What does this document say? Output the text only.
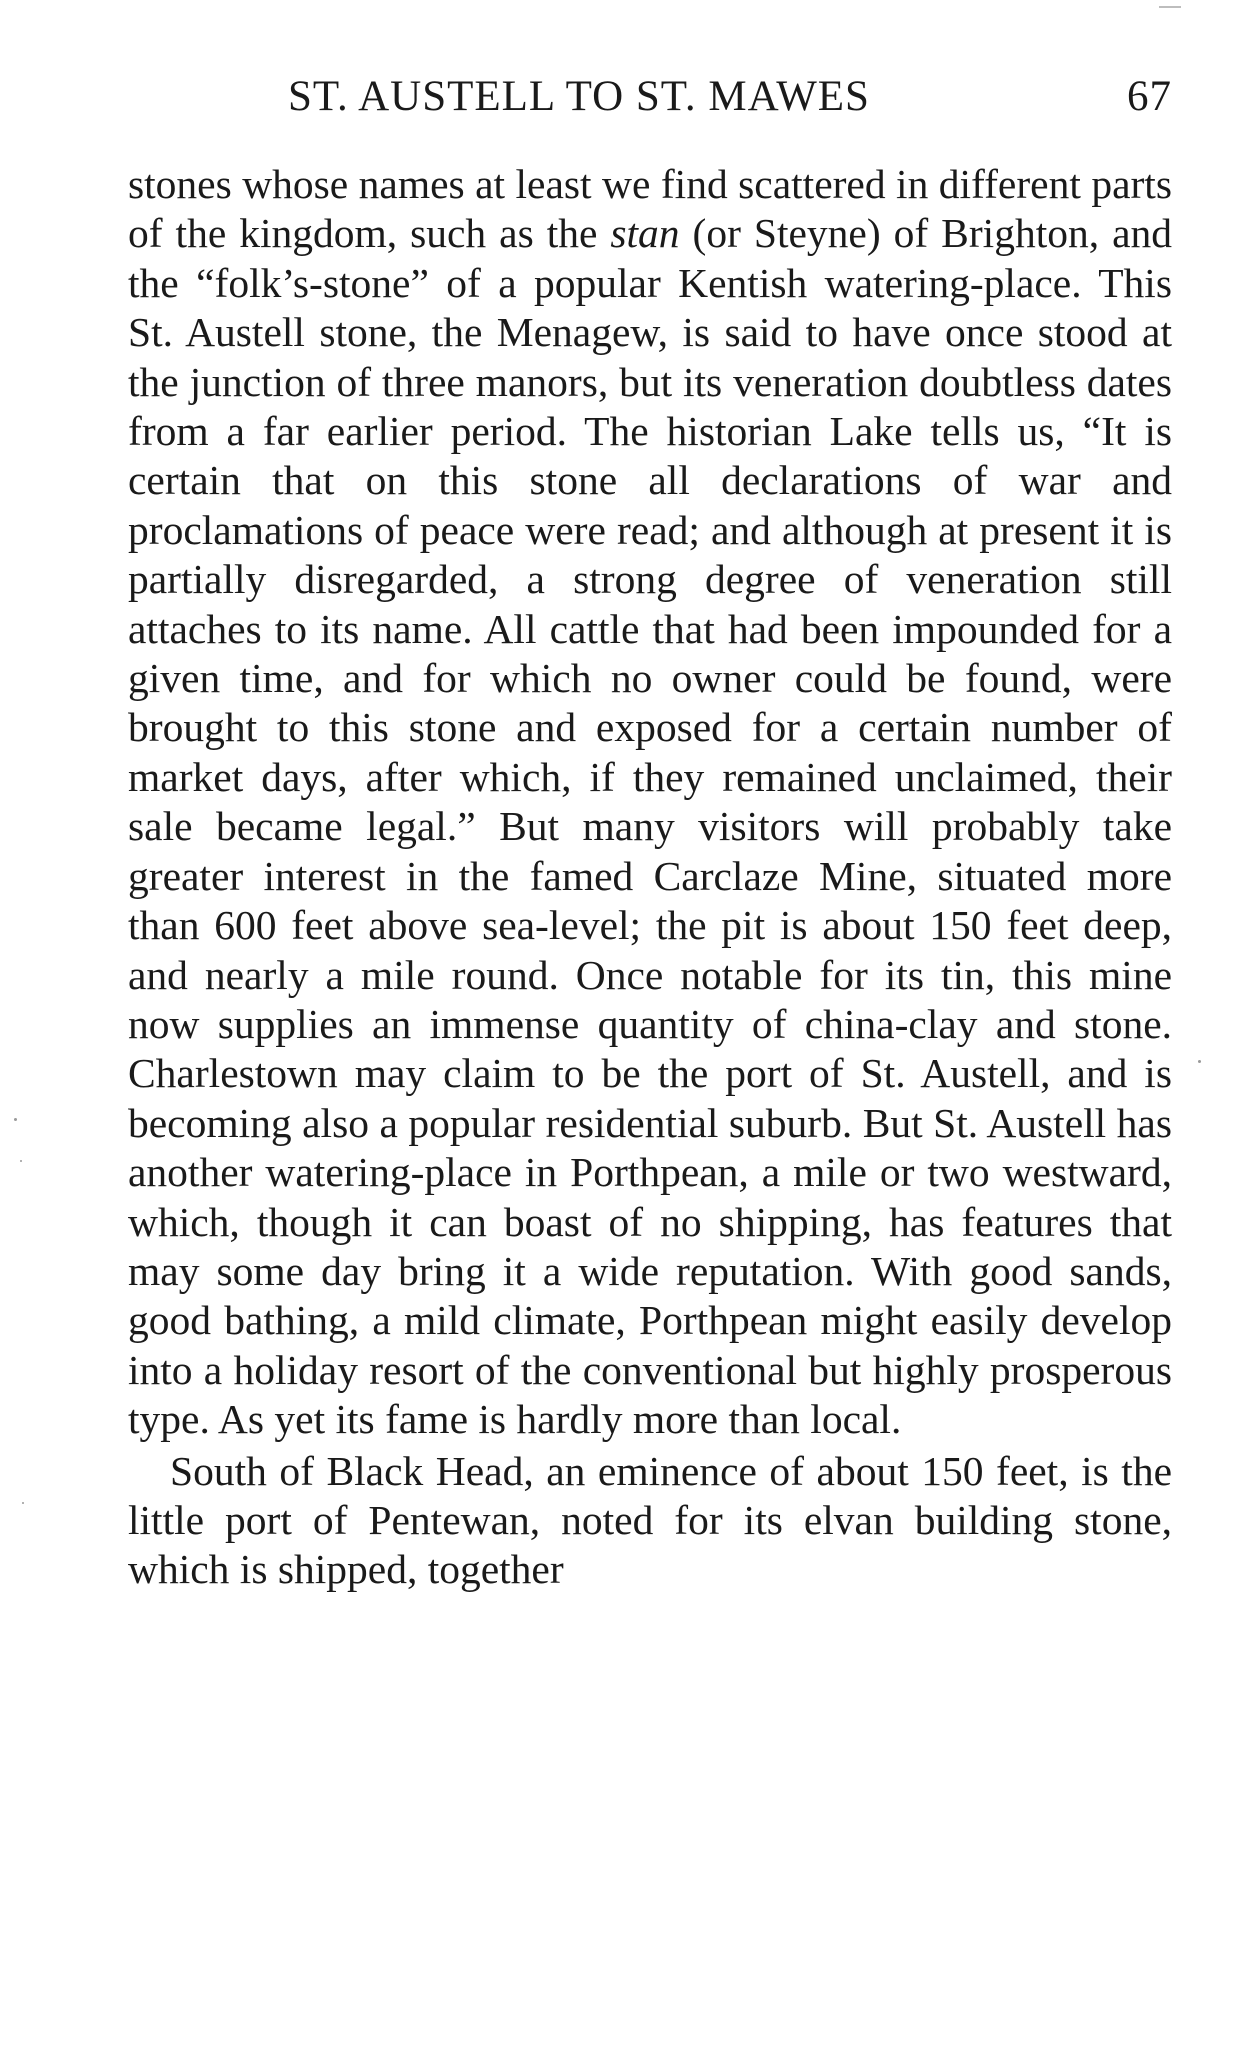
ST. AUSTELL TO ST. MAWES	67

stones whose names at least we find scattered in different parts of the kingdom, such as the stan (or Steyne) of Brighton, and the “folk’s-stone” of a popular Kentish watering-place. This St. Austell stone, the Menagew, is said to have once stood at the junction of three manors, but its veneration doubtless dates from a far earlier period. The historian Lake tells us, “It is certain that on this stone all declarations of war and proclamations of peace were read; and although at present it is partially disregarded, a strong degree of veneration still attaches to its name. All cattle that had been impounded for a given time, and for which no owner could be found, were brought to this stone and exposed for a certain number of market days, after which, if they remained unclaimed, their sale became legal.” But many visitors will probably take greater interest in the famed Carclaze Mine, situated more than 600 feet above sea-level; the pit is about 150 feet deep, and nearly a mile round. Once notable for its tin, this mine now supplies an immense quantity of china-clay and stone. Charlestown may claim to be the port of St. Austell, and is becoming also a popular residential suburb. But St. Austell has another watering-place in Porthpean, a mile or two westward, which, though it can boast of no shipping, has features that may some day bring it a wide reputation. With good sands, good bathing, a mild climate, Porthpean might easily develop into a holiday resort of the conventional but highly prosperous type. As yet its fame is hardly more than local.

South of Black Head, an eminence of about 150 feet, is the little port of Pentewan, noted for its elvan building stone, which is shipped, together
